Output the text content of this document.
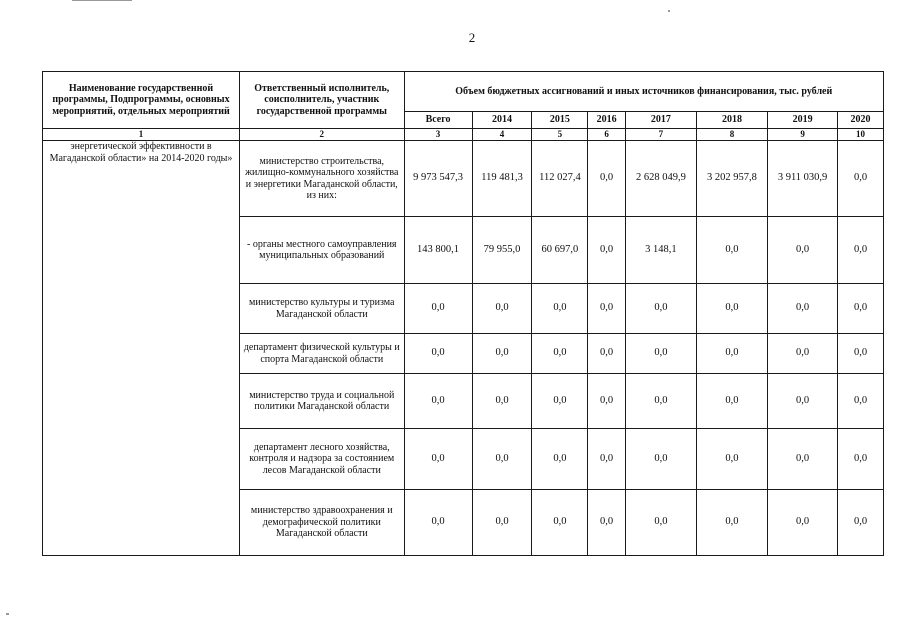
2
Наименование государственной программы, Подпрограммы, основных мероприятий, отдельных мероприятий	Ответственный исполнитель, соисполнитель, участник государственной программы	Объем бюджетных ассигнований и иных источников финансирования, тыс. рублей							
		Всего	2014	2015	2016	2017	2018	2019	2020
1	2	3	4	5	6	7	8	9	10
энергетической эффективности в Магаданской области» на 2014-2020 годы»	министерство строительства, жилищно-коммунального хозяйства и энергетики Магаданской области, из них:	9 973 547,3	119 481,3	112 027,4	0,0	2 628 049,9	3 202 957,8	3 911 030,9	0,0
	- органы местного самоуправления муниципальных образований	143 800,1	79 955,0	60 697,0	0,0	3 148,1	0,0	0,0	0,0
	министерство культуры и туризма Магаданской области	0,0	0,0	0,0	0,0	0,0	0,0	0,0	0,0
	департамент физической культуры и спорта Магаданской области	0,0	0,0	0,0	0,0	0,0	0,0	0,0	0,0
	министерство труда и социальной политики Магаданской области	0,0	0,0	0,0	0,0	0,0	0,0	0,0	0,0
	департамент лесного хозяйства, контроля и надзора за состоянием лесов Магаданской области	0,0	0,0	0,0	0,0	0,0	0,0	0,0	0,0
	министерство здравоохранения и демографической политики Магаданской области	0,0	0,0	0,0	0,0	0,0	0,0	0,0	0,0
